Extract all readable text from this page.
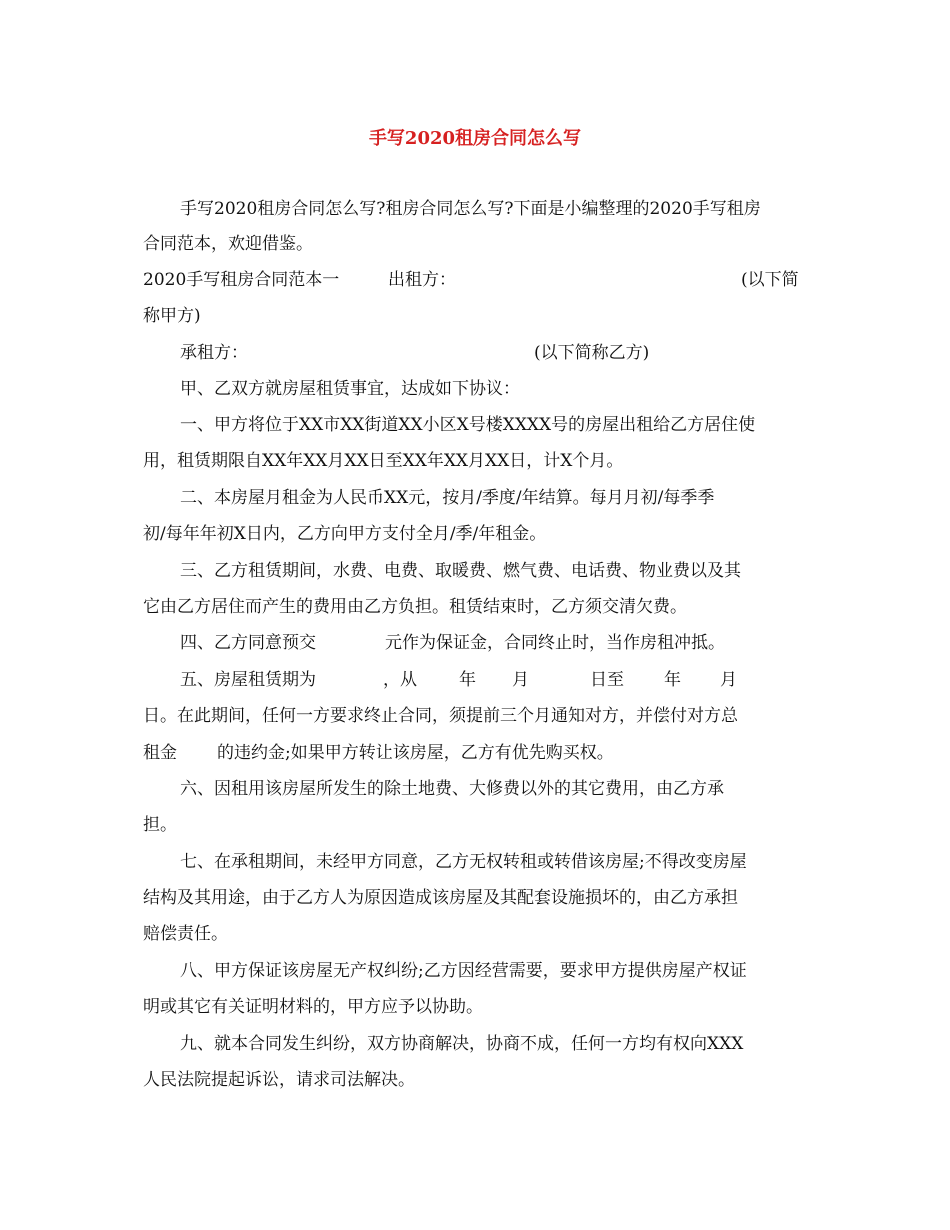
手写2020租房合同怎么写
手写2020租房合同怎么写?租房合同怎么写?下面是小编整理的2020手写租房
合同范本，欢迎借鉴。
2020手写租房合同范本一	出租方：	(以下简
称甲方)
承租方：	(以下简称乙方)
甲、乙双方就房屋租赁事宜，达成如下协议：
一、甲方将位于XX市XX街道XX小区X号楼XXXX号的房屋出租给乙方居住使
用，租赁期限自XX年XX月XX日至XX年XX月XX日，计X个月。
二、本房屋月租金为人民币XX元，按月/季度/年结算。每月月初/每季季
初/每年年初X日内，乙方向甲方支付全月/季/年租金。
三、乙方租赁期间，水费、电费、取暖费、燃气费、电话费、物业费以及其
它由乙方居住而产生的费用由乙方负担。租赁结束时，乙方须交清欠费。
四、乙方同意预交	元作为保证金，合同终止时，当作房租冲抵。
五、房屋租赁期为	，从 年 月	日至 年 月
日。在此期间，任何一方要求终止合同，须提前三个月通知对方，并偿付对方总
租金 的违约金;如果甲方转让该房屋，乙方有优先购买权。
六、因租用该房屋所发生的除土地费、大修费以外的其它费用，由乙方承
担。
七、在承租期间，未经甲方同意，乙方无权转租或转借该房屋;不得改变房屋
结构及其用途，由于乙方人为原因造成该房屋及其配套设施损坏的，由乙方承担
赔偿责任。
八、甲方保证该房屋无产权纠纷;乙方因经营需要，要求甲方提供房屋产权证
明或其它有关证明材料的，甲方应予以协助。
九、就本合同发生纠纷，双方协商解决，协商不成，任何一方均有权向XXX
人民法院提起诉讼，请求司法解决。
